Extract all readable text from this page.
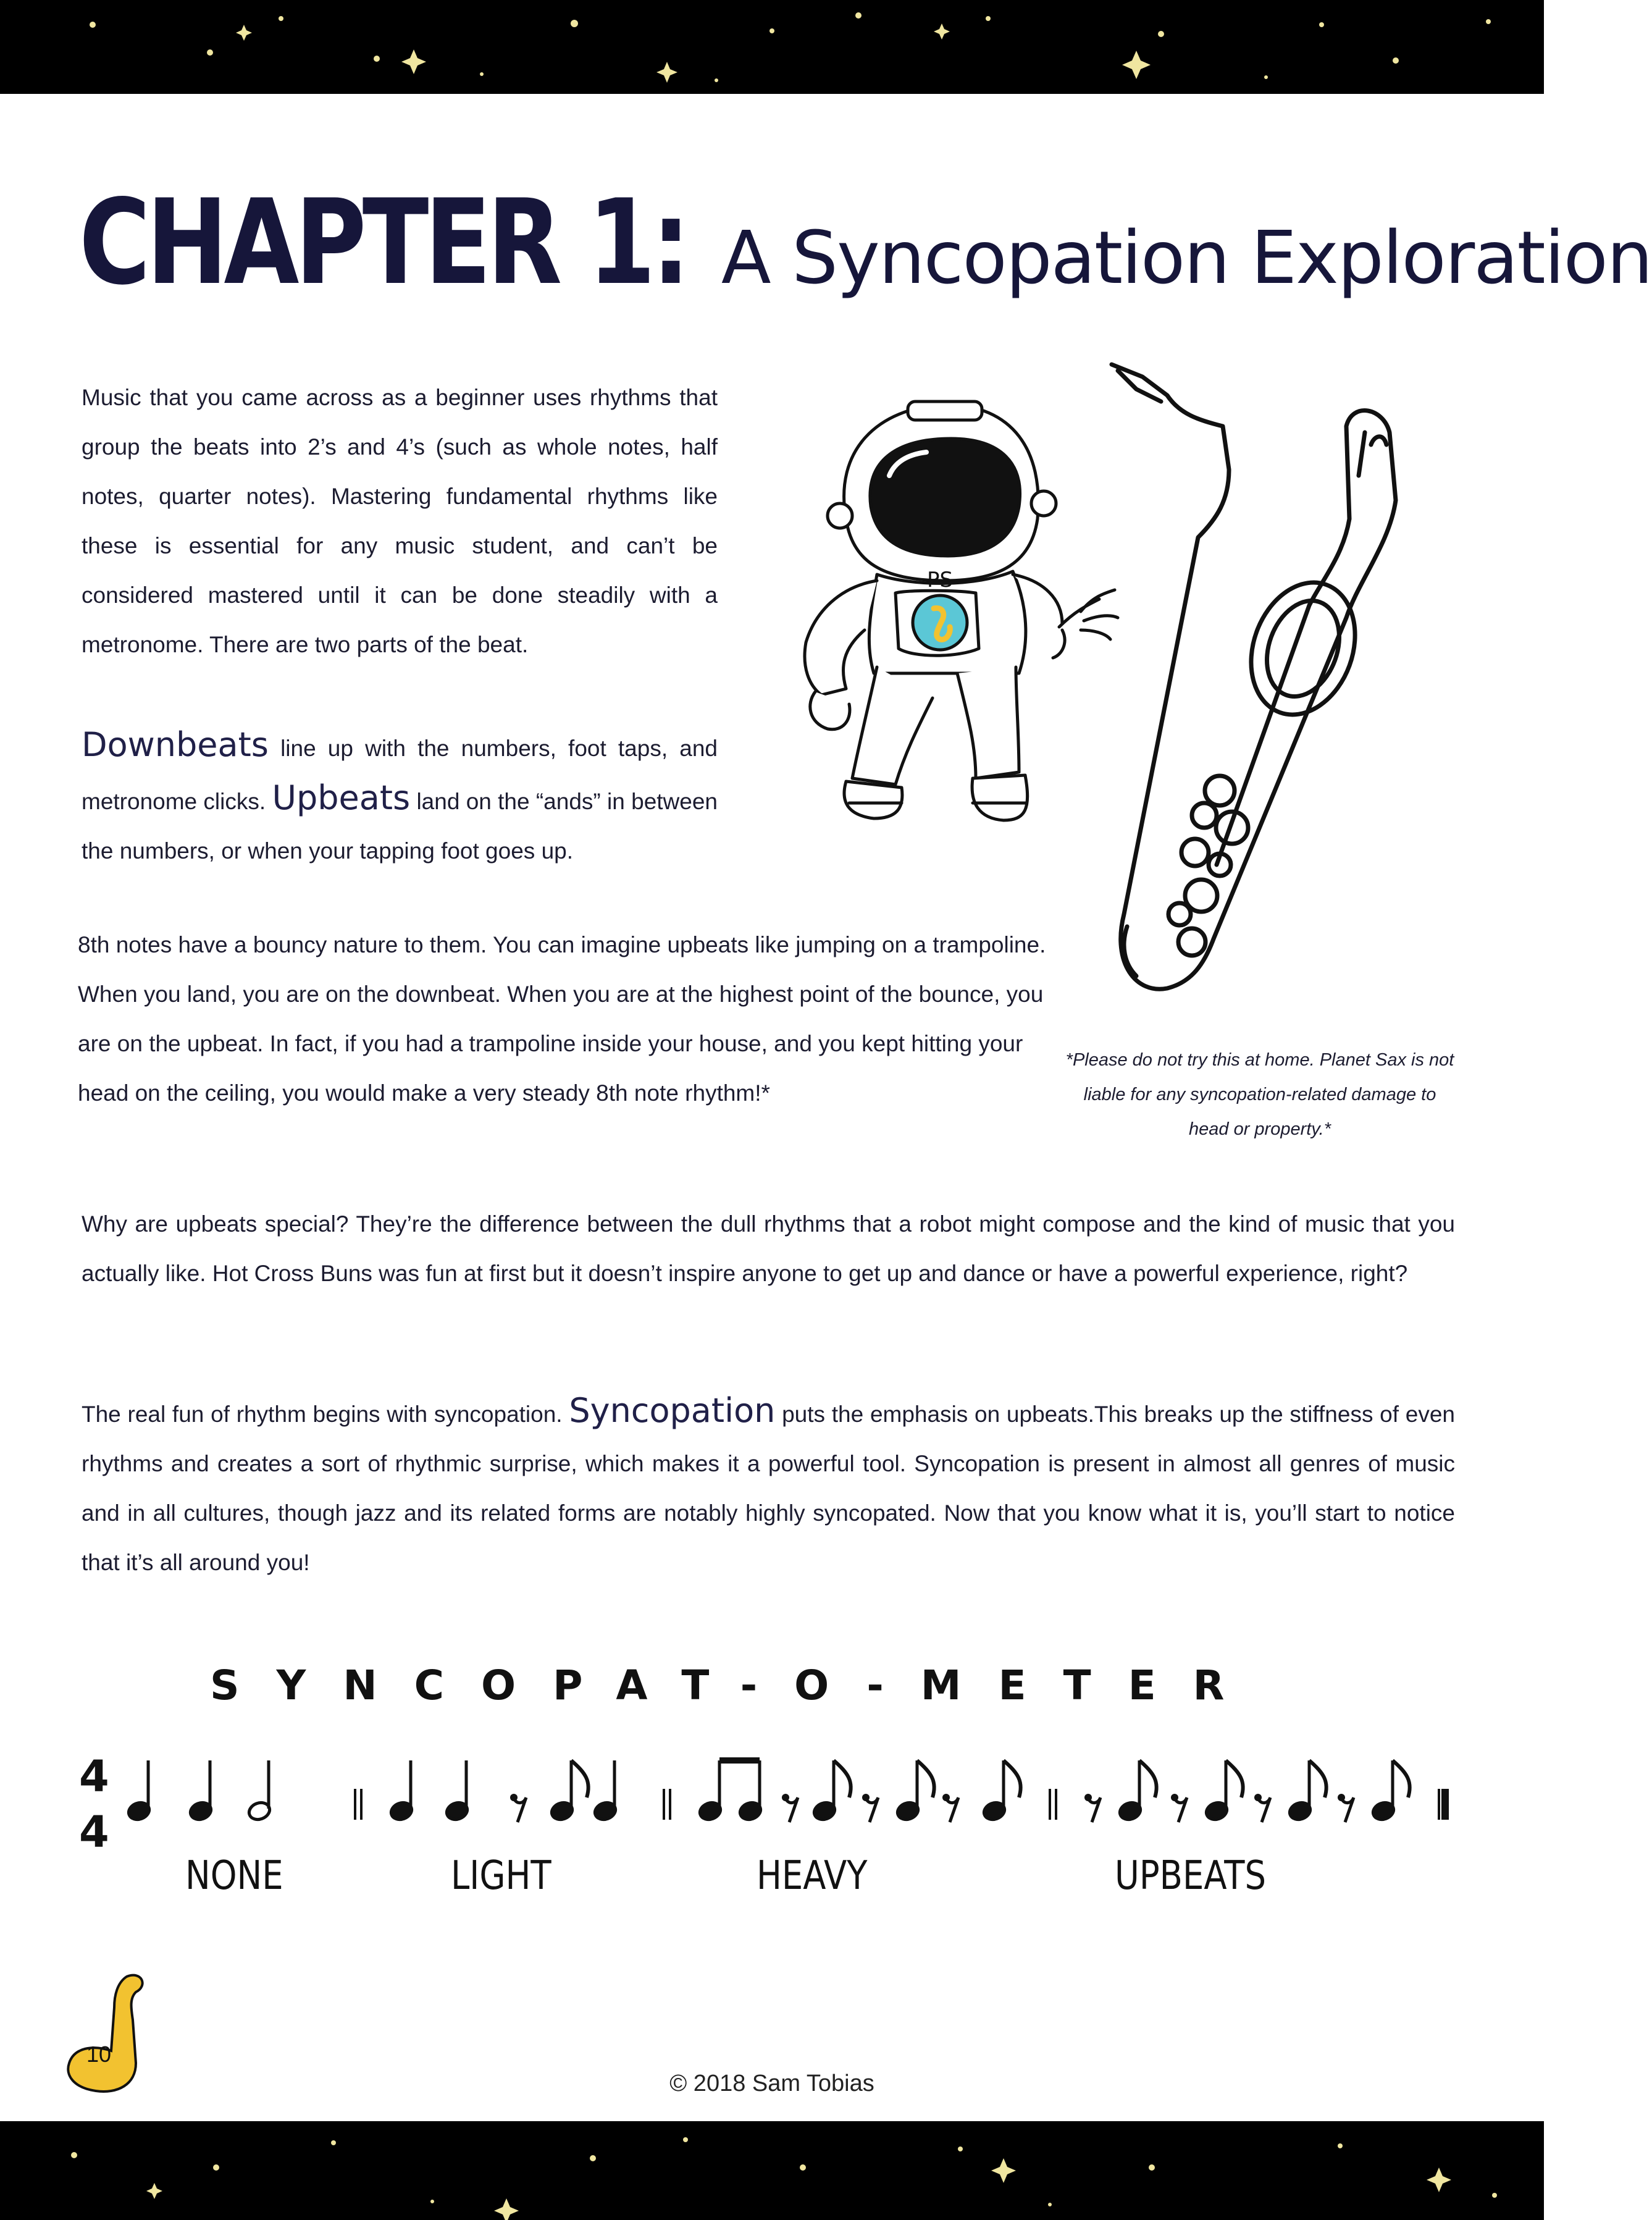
CHAPTER 1: A Syncopation Exploration

Music that you came across as a beginner uses rhythms that group the beats into 2’s and 4’s (such as whole notes, half notes, quarter notes). Mastering fundamental rhythms like these is essential for any music student, and can’t be considered mastered until it can be done steadily with a metronome. There are two parts of the beat.

Downbeats line up with the numbers, foot taps, and metronome clicks. Upbeats land on the “ands” in between the numbers, or when your tapping foot goes up.

8th notes have a bouncy nature to them. You can imagine upbeats like jumping on a trampoline. When you land, you are on the downbeat. When you are at the highest point of the bounce, you are on the upbeat. In fact, if you had a trampoline inside your house, and you kept hitting your head on the ceiling, you would make a very steady 8th note rhythm!*

*Please do not try this at home. Planet Sax is not liable for any syncopation-related damage to head or property.*
PS

Why are upbeats special? They’re the difference between the dull rhythms that a robot might compose and the kind of music that you actually like. Hot Cross Buns was fun at first but it doesn’t inspire anyone to get up and dance or have a powerful experience, right?

The real fun of rhythm begins with syncopation. Syncopation puts the emphasis on upbeats.This breaks up the stiffness of even rhythms and creates a sort of rhythmic surprise, which makes it a powerful tool. Syncopation is present in almost all genres of music and in all cultures, though jazz and its related forms are notably highly syncopated. Now that you know what it is, you’ll start to notice that it’s all around you!

SYNCOPAT-O-METER
4
4
NONE	LIGHT	HEAVY	UPBEATS
10
© 2018 Sam Tobias
